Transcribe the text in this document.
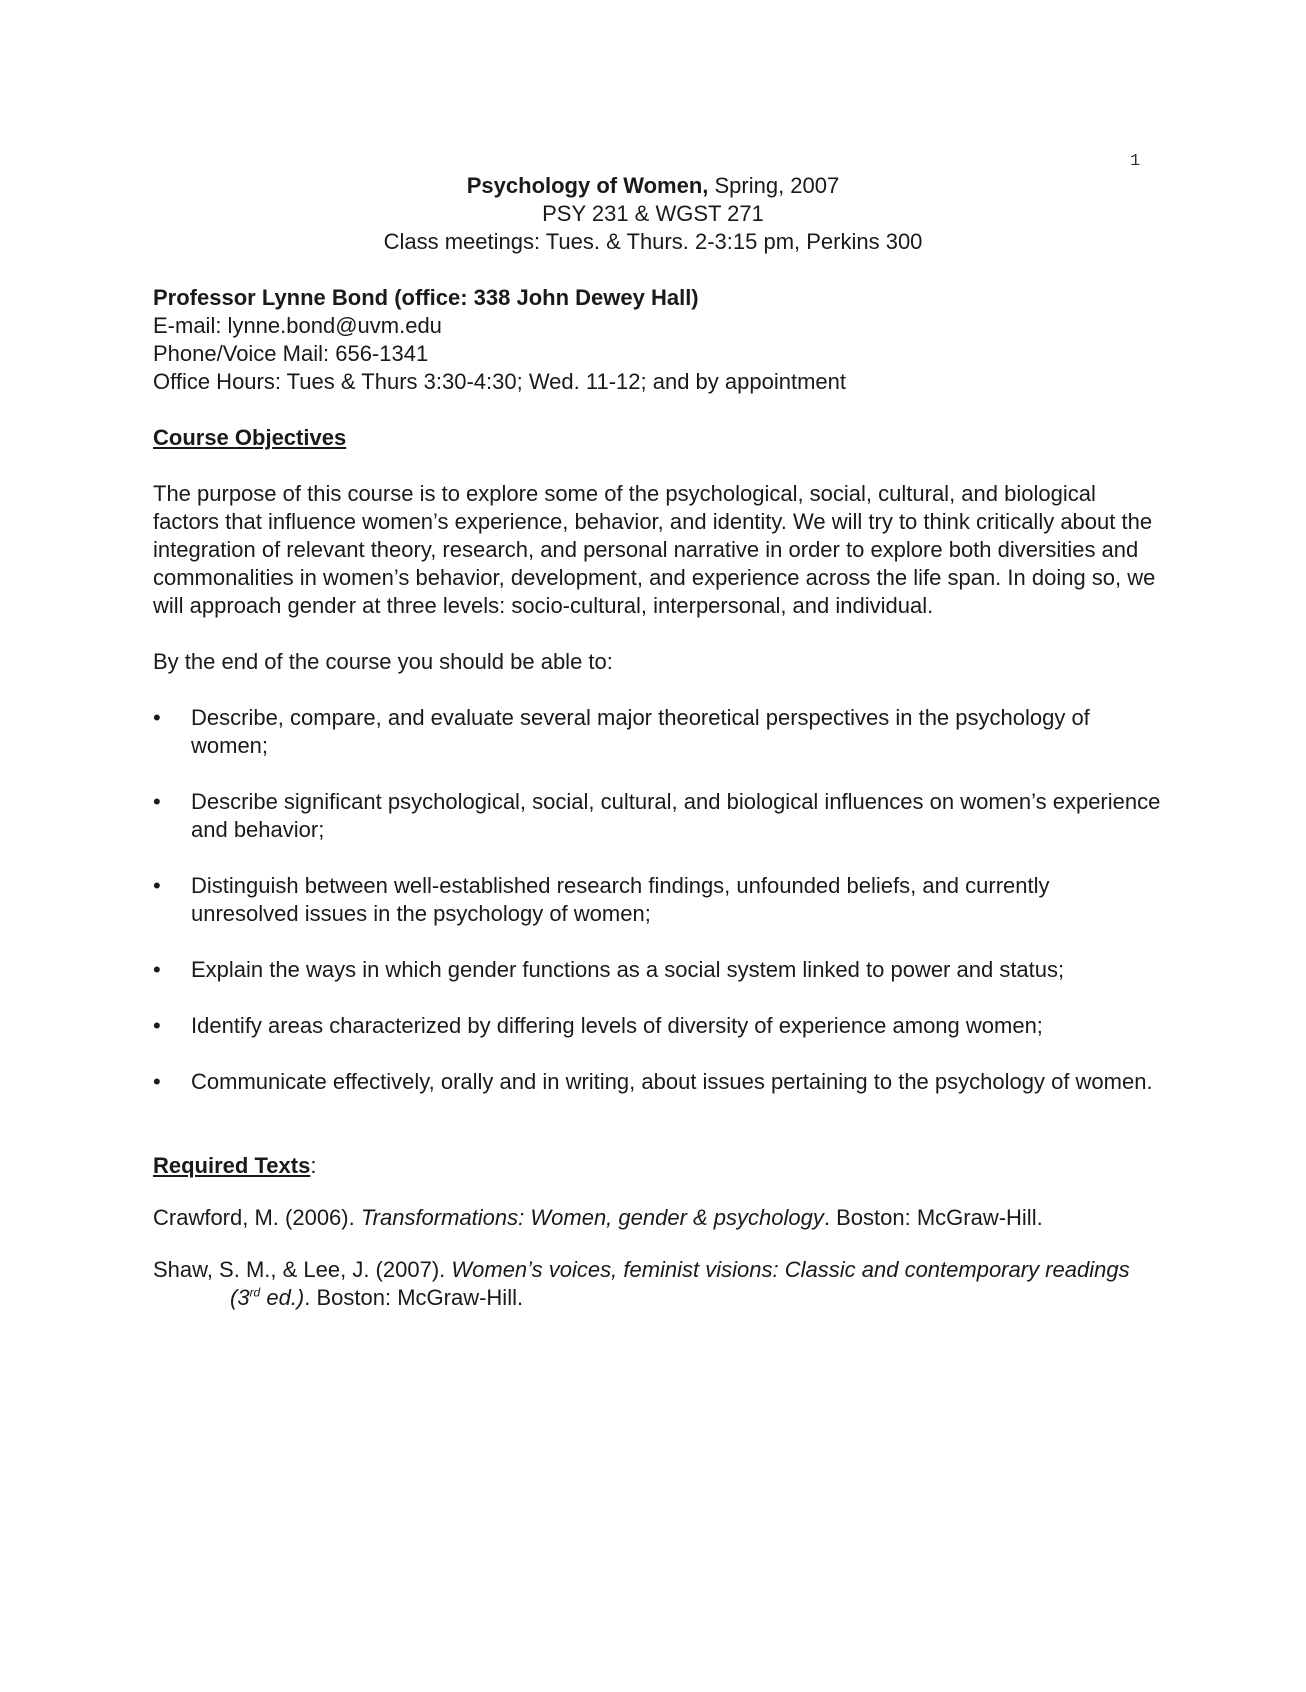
1

Psychology of Women, Spring, 2007

PSY 231 & WGST 271

Class meetings: Tues. & Thurs. 2-3:15 pm, Perkins 300

Professor Lynne Bond (office: 338 John Dewey Hall)

E-mail: lynne.bond@uvm.edu

Phone/Voice Mail: 656-1341

Office Hours: Tues & Thurs 3:30-4:30; Wed. 11-12; and by appointment

Course Objectives

The purpose of this course is to explore some of the psychological, social, cultural, and biological factors that influence women’s experience, behavior, and identity. We will try to think critically about the integration of relevant theory, research, and personal narrative in order to explore both diversities and commonalities in women’s behavior, development, and experience across the life span. In doing so, we will approach gender at three levels: socio-cultural, interpersonal, and individual.

By the end of the course you should be able to:

•	Describe, compare, and evaluate several major theoretical perspectives in the psychology of women;
•	Describe significant psychological, social, cultural, and biological influences on women’s experience and behavior;
•	Distinguish between well-established research findings, unfounded beliefs, and currently unresolved issues in the psychology of women;
•	Explain the ways in which gender functions as a social system linked to power and status;
•	Identify areas characterized by differing levels of diversity of experience among women;
•	Communicate effectively, orally and in writing, about issues pertaining to the psychology of women.

Required Texts:

Crawford, M. (2006). Transformations: Women, gender & psychology. Boston: McGraw-Hill.

Shaw, S. M., & Lee, J. (2007). Women’s voices, feminist visions: Classic and contemporary readings (3rd ed.). Boston: McGraw-Hill.
